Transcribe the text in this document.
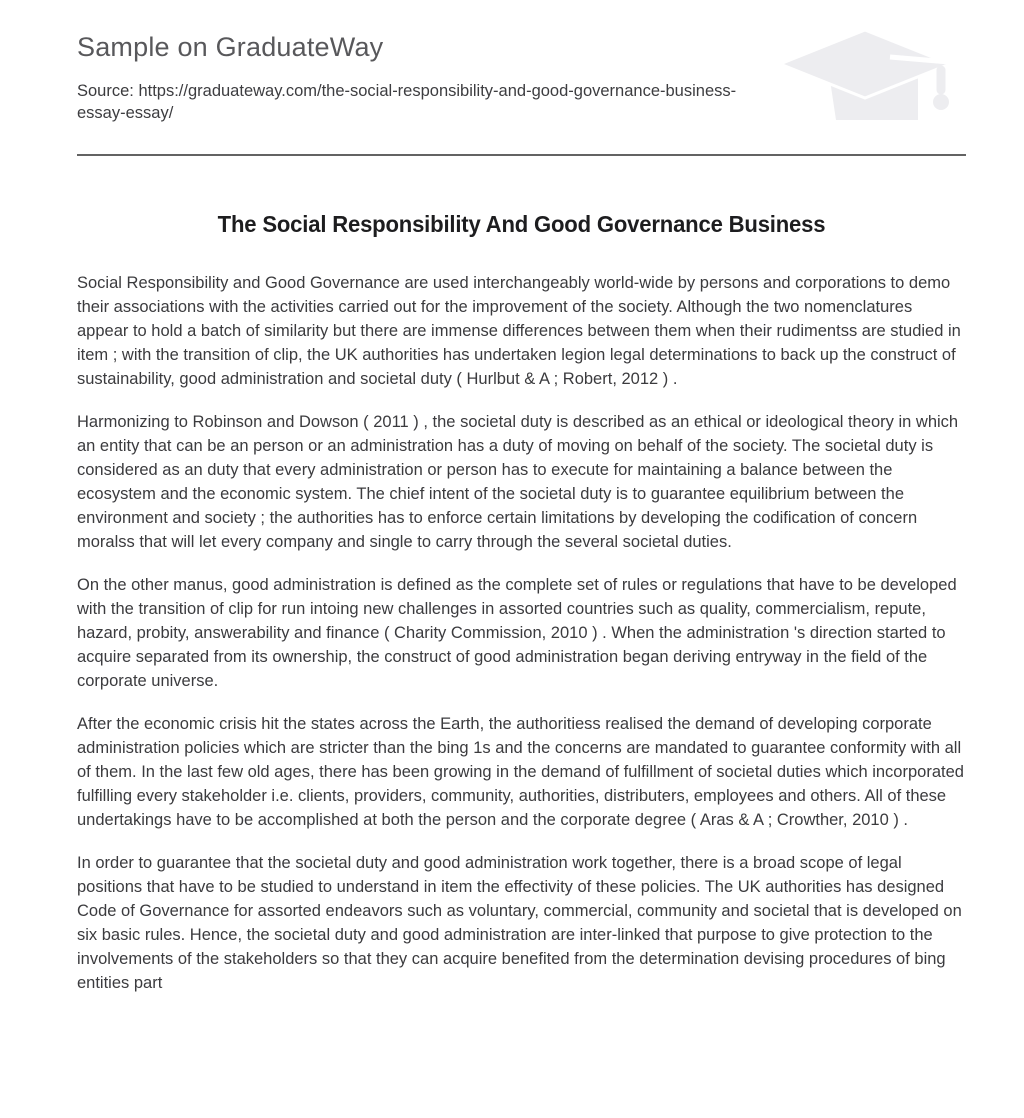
Sample on GraduateWay
Source: https://graduateway.com/the-social-responsibility-and-good-governance-business-essay-essay/
The Social Responsibility And Good Governance Business

Social Responsibility and Good Governance are used interchangeably world-wide by persons and corporations to demo their associations with the activities carried out for the improvement of the society. Although the two nomenclatures appear to hold a batch of similarity but there are immense differences between them when their rudimentss are studied in item ; with the transition of clip, the UK authorities has undertaken legion legal determinations to back up the construct of sustainability, good administration and societal duty ( Hurlbut & A ; Robert, 2012 ) .

Harmonizing to Robinson and Dowson ( 2011 ) , the societal duty is described as an ethical or ideological theory in which an entity that can be an person or an administration has a duty of moving on behalf of the society. The societal duty is considered as an duty that every administration or person has to execute for maintaining a balance between the ecosystem and the economic system. The chief intent of the societal duty is to guarantee equilibrium between the environment and society ; the authorities has to enforce certain limitations by developing the codification of concern moralss that will let every company and single to carry through the several societal duties.

On the other manus, good administration is defined as the complete set of rules or regulations that have to be developed with the transition of clip for run intoing new challenges in assorted countries such as quality, commercialism, repute, hazard, probity, answerability and finance ( Charity Commission, 2010 ) . When the administration 's direction started to acquire separated from its ownership, the construct of good administration began deriving entryway in the field of the corporate universe.

After the economic crisis hit the states across the Earth, the authoritiess realised the demand of developing corporate administration policies which are stricter than the bing 1s and the concerns are mandated to guarantee conformity with all of them. In the last few old ages, there has been growing in the demand of fulfillment of societal duties which incorporated fulfilling every stakeholder i.e. clients, providers, community, authorities, distributers, employees and others. All of these undertakings have to be accomplished at both the person and the corporate degree ( Aras & A ; Crowther, 2010 ) .

In order to guarantee that the societal duty and good administration work together, there is a broad scope of legal positions that have to be studied to understand in item the effectivity of these policies. The UK authorities has designed Code of Governance for assorted endeavors such as voluntary, commercial, community and societal that is developed on six basic rules. Hence, the societal duty and good administration are inter-linked that purpose to give protection to the involvements of the stakeholders so that they can acquire benefited from the determination devising procedures of bing entities part
